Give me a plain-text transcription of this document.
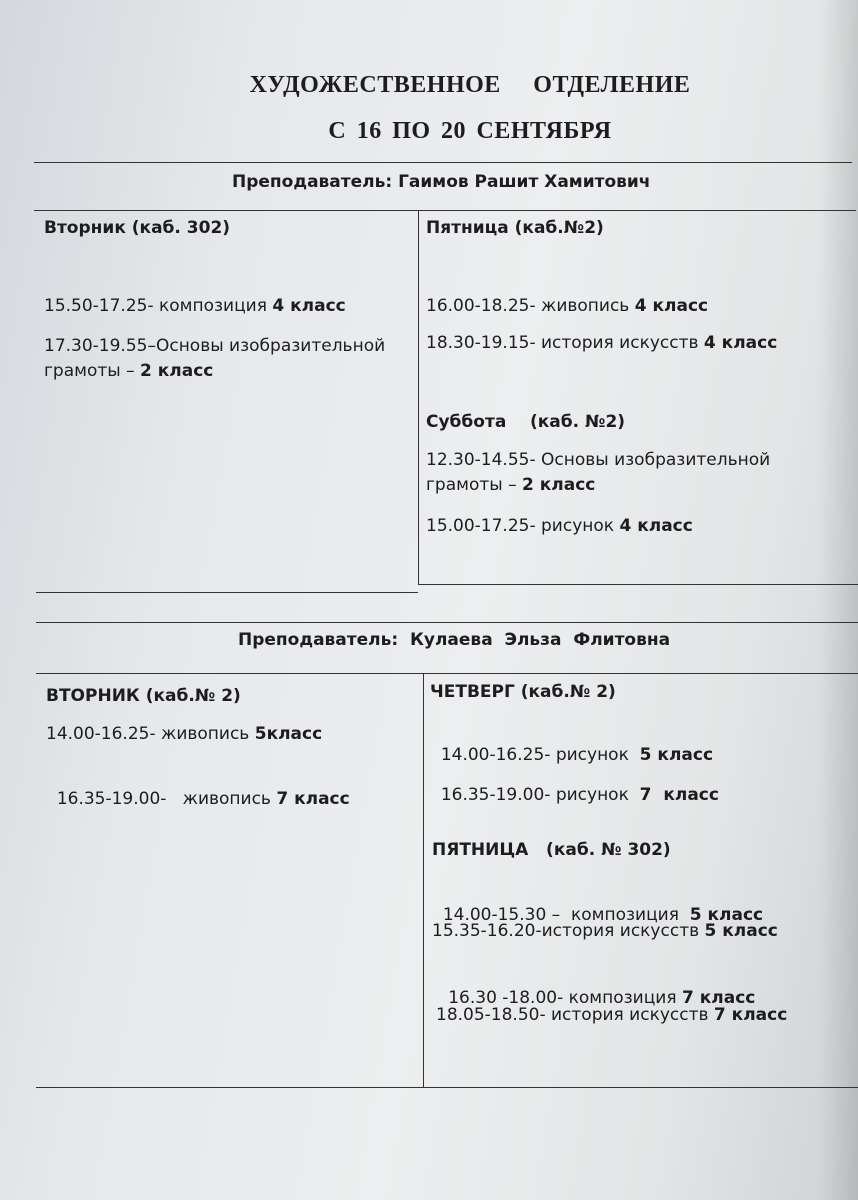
ХУДОЖЕСТВЕННОЕ ОТДЕЛЕНИЕ
С 16 ПО 20 СЕНТЯБРЯ
Преподаватель: Гаимов Рашит Хамитович
Вторник (каб. 302)
15.50-17.25- композиция 4 класс
17.30-19.55–Основы изобразительной грамоты – 2 класс
Пятница (каб.№2)
16.00-18.25- живопись 4 класс
18.30-19.15- история искусств 4 класс
Суббота    (каб. №2)
12.30-14.55- Основы изобразительной грамоты – 2 класс
15.00-17.25- рисунок 4 класс
Преподаватель:  Кулаева  Эльза  Флитовна
ВТОРНИК (каб.№ 2)
14.00-16.25- живопись 5класс

16.35-19.00-   живопись 7 класс

ЧЕТВЕРГ (каб.№ 2)

14.00-16.25- рисунок  5 класс

16.35-19.00- рисунок  7  класс

ПЯТНИЦА   (каб. № 302)

14.00-15.30 –  композиция  5 класс

15.35-16.20-история искусств 5 класс

16.30 -18.00- композиция 7 класс

18.05-18.50- история искусств 7 класс
